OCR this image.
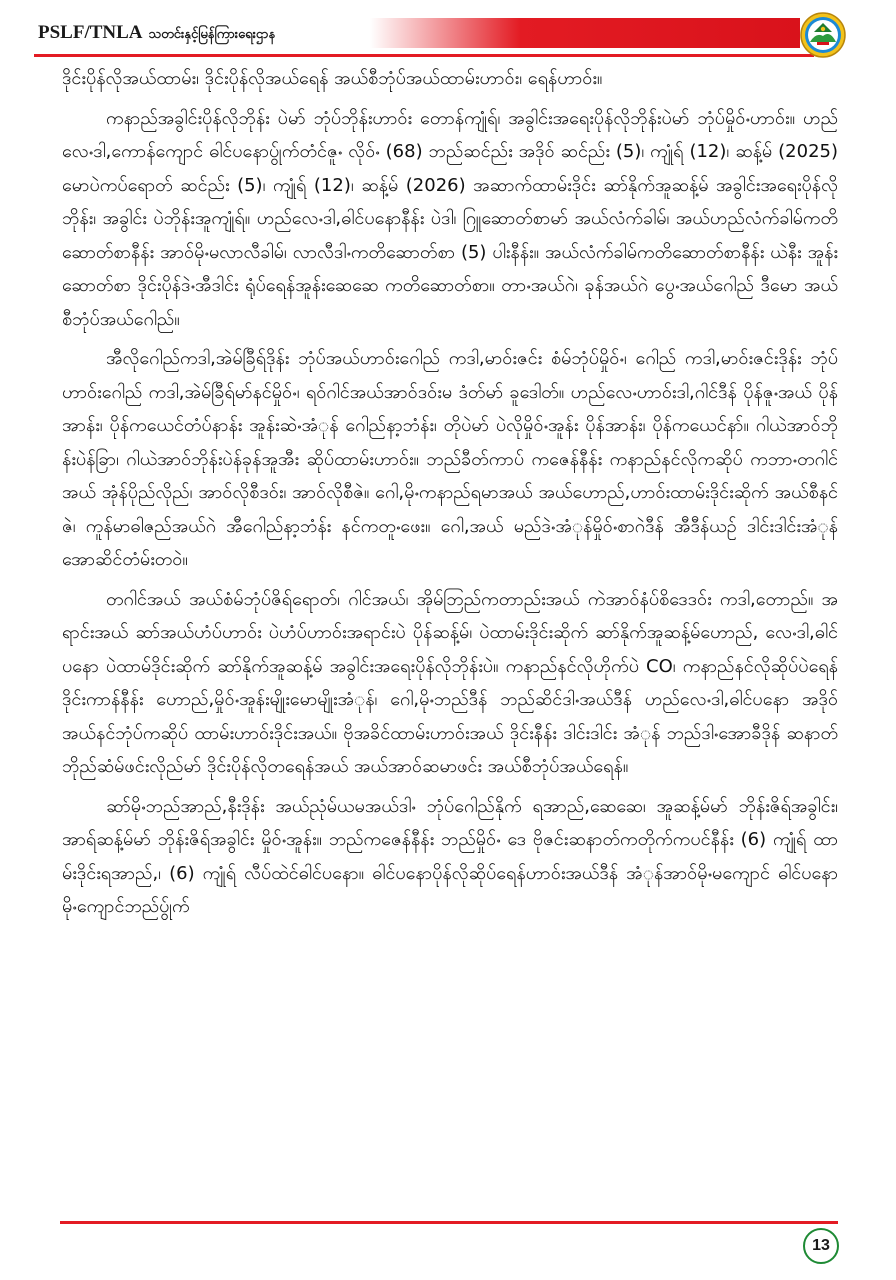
PSLF/TNLA သတင်းနှင့်မြန်ကြားရေးဌာန

ဒိုင်းပိုန်လိုအယ်ထာမ်း၊ ဒိုင်းပိုန်လိုအယ်ရေန် အယ်စီဘုံပ်အယ်ထာမ်းဟာဝ်း၊ ရေန်ဟာဝ်း။

ကနာည်အခွါင်းပိုန်လိုဘိုန်း ပဲမာ် ဘုံပ်ဘိုန်းဟာဝ်း တောန်ကျုံရ်၊ အခွါင်းအရေးပိုန်လိုဘိုန်းပဲမာ် ဘုံပ်မှိုဝ်ႋဟာဝ်း။ ဟည်လေႋဒါ,ကောန်ကျောင် ဓါင်ပနောပွ်ုက်တံင်ဇူႋ လိုဝ်ႋ (68) ဘည်ဆင်ည်း အဒိုဝ် ဆင်ည်း (5)၊ ကျုံရ် (12)၊ ဆန့်မ် (2025) မောပဲကပ်ရောတ် ဆင်ည်း (5)၊ ကျုံရ် (12)၊ ဆန့်မ် (2026) အဆာက်ထာမ်းဒိုင်း ဆာ်နိုက်အူဆန့်မ် အခွါင်းအရေးပိုန်လိုဘိုန်း၊ အခွါင်း ပဲဘိုန်းအူကျုံရ်။ ဟည်လေႋဒါ,ဓါင်ပနောနီန်း ပဲဒါ၊ ဂြူဆောတ်စာမာ် အယ်လံက်ခါမ်၊ အယ်ဟည်လံက်ခါမ်ကတိဆောတ်စာနီန်း အာဝ်မိုႋမလာလီခါမ်၊ လာလီဒါႋကတိဆောတ်စာ (5) ပါးနီန်း။ အယ်လံက်ခါမ်ကတိဆောတ်စာနီန်း ယဲနီး အူန်းဆောတ်စာ ဒိုင်းပိုန်ဒဲႋအီဒါင်း ရုံပ်ရေန်အူန်းဆေဆေ ကတိဆောတ်စာ။ တာႋအယ်ဂဲ၊ ခုန်အယ်ဂဲ ပွေႋအယ်ဂေါည် ဒီမော အယ်စီဘုံပ်အယ်ဂေါည်။

အီလိုဂေါည်ကဒါ,အဲမ်ခြီရ်ဒိုန်း ဘုံပ်အယ်ဟာဝ်းဂေါည် ကဒါ,မာဝ်းဇင်း စံမ်ဘုံပ်မှိုဝ်ႋ၊ ဂေါည် ကဒါ,မာဝ်းဇင်းဒိုန်း ဘုံပ်ဟာဝ်းဂေါည် ကဒါ,အဲမ်ခြီရ်မာ်နင်မှိုဝ်ႋ၊ ရဝ်ဂါင်အယ်အာဝ်ဒဝ်းမ ဒံတ်မာ် ခူဒေါတ်။ ဟည်လေႋဟာဝ်းဒါ,ဂါင်ဒီန် ပိုန်ဇူႋအယ် ပိုန်အာန်း၊ ပိုန်ကယေင်တံပ်နာန်း အူန်းဆဲႋအံုန် ဂေါည်နာ့ဘံန်း၊ တိုပဲမာ် ပဲလိုမှိုဝ်ႋအူန်း ပိုန်အာန်း၊ ပိုန်ကယေင်နာ်။ ဂါယဲအာဝ်ဘိုန်းပဲန်ခြာ၊ ဂါယဲအာဝ်ဘိုန်းပဲန်ခုန်အူအီး ဆိုပ်ထာမ်းဟာဝ်း။ ဘည်ခီတ်ကာပ် ကဇေန်နီန်း ကနာည်နင်လိုကဆိုပ် ကဘာႋတဂါင်အယ် အုံန်ပိုည်လိုည်၊ အာဝ်လိုစီဒဝ်း၊ အာဝ်လိုစီဇဲ။ ဂေါ,မိုႋကနာည်ရမာအယ် အယ်ဟောည်,ဟာဝ်းထာမ်းဒိုင်းဆိုက် အယ်စီနင်ဇဲ၊ ကူန်မာဓါဇည်အယ်ဂဲ အီဂေါည်နာ့ဘံန်း နင်ကတူႋဖေး။ ဂေါ,အယ် မည်ဒဲႋအံုန်မှိုဝ်ႋစာဂဲဒီန် အီဒီန်ယဉ် ဒါင်းဒါင်းအံုန် အောဆိင်တံမ်းတဝဲ။

တဂါင်အယ် အယ်စံမ်ဘုံပ်ဇိရ်ရောတ်၊ ဂါင်အယ်၊ အိုမ်ဘြည်ကတာည်းအယ် ကဲအာဝ်နံပ်စိဒေဒဝ်း ကဒါ,တောည်။ အရာင်းအယ် ဆာ်အယ်ဟံပ်ဟာဝ်း ပဲဟံပ်ဟာဝ်းအရာင်းပဲ ပိုန်ဆန့်မ်၊ ပဲထာမ်းဒိုင်းဆိုက် ဆာ်နိုက်အူဆန့်မ်ဟောည်, လေႋဒါ,ဓါင်ပနော ပဲထာမ်ဒိုင်းဆိုက် ဆာ်နိုက်အူဆန့်မ် အခွါင်းအရေးပိုန်လိုဘိုန်းပဲ။ ကနာည်နင်လိုဟိုက်ပဲ CO၊ ကနာည်နင်လိုဆိုပ်ပဲရေန် ဒိုင်းကာန်နီန်း ဟောည်,မှိုဝ်ႋအူန်းမျိုးမောမျိုးအံုန်၊ ဂေါ,မိုႋဘည်ဒီန် ဘည်ဆိင်ဒါႋအယ်ဒီန် ဟည်လေႋဒါ,ဓါင်ပနော အဒိုဝ် အယ်နင်ဘုံပ်ကဆိုပ် ထာမ်းဟာဝ်းဒိုင်းအယ်။ ဗိုအခိင်ထာမ်းဟာဝ်းအယ် ဒိုင်းနီန်း ဒါင်းဒါင်း အံုန် ဘည်ဒါႋအောခီဒိုန် ဆနာတ်ဘိုည်ဆံမ်ဖင်းလိုည်မာ် ဒိုင်းပိုန်လိုတရေန်အယ် အယ်အာဝ်ဆမာဖင်း အယ်စီဘုံပ်အယ်ရေန်။

ဆာ်မိုႋဘည်အာည်,နီးဒိုန်း အယ်ညုံမ်ယမအယ်ဒါႋ ဘုံပ်ဂေါည်နိုက် ရအာည်,ဆေဆေ၊ အူဆန့်မ်မာ် ဘိုန်းဇိရ်အခွါင်း၊ အာရ်ဆန့်မ်မာ် ဘိုန်းဇိရ်အခွါင်း မှိုဝ်ႋအူန်း။ ဘည်ကဇေန်နီန်း ဘည်မှိုဝ်ႋ ဒေ ဗိုဇင်းဆနာတ်ကတိုက်ကပင်နီန်း (6) ကျုံရ် ထာမ်းဒိုင်းရအာည်,၊ (6) ကျုံရ် လီပ်ထဲင်ဓါင်ပနော။ ဓါင်ပနောပိုန်လိုဆိုပ်ရေန်ဟာဝ်းအယ်ဒီန် အံုန်အာဝ်မိုႋမကျောင် ဓါင်ပနော မိုႋကျောင်ဘည်ပွ်ုက်

13
